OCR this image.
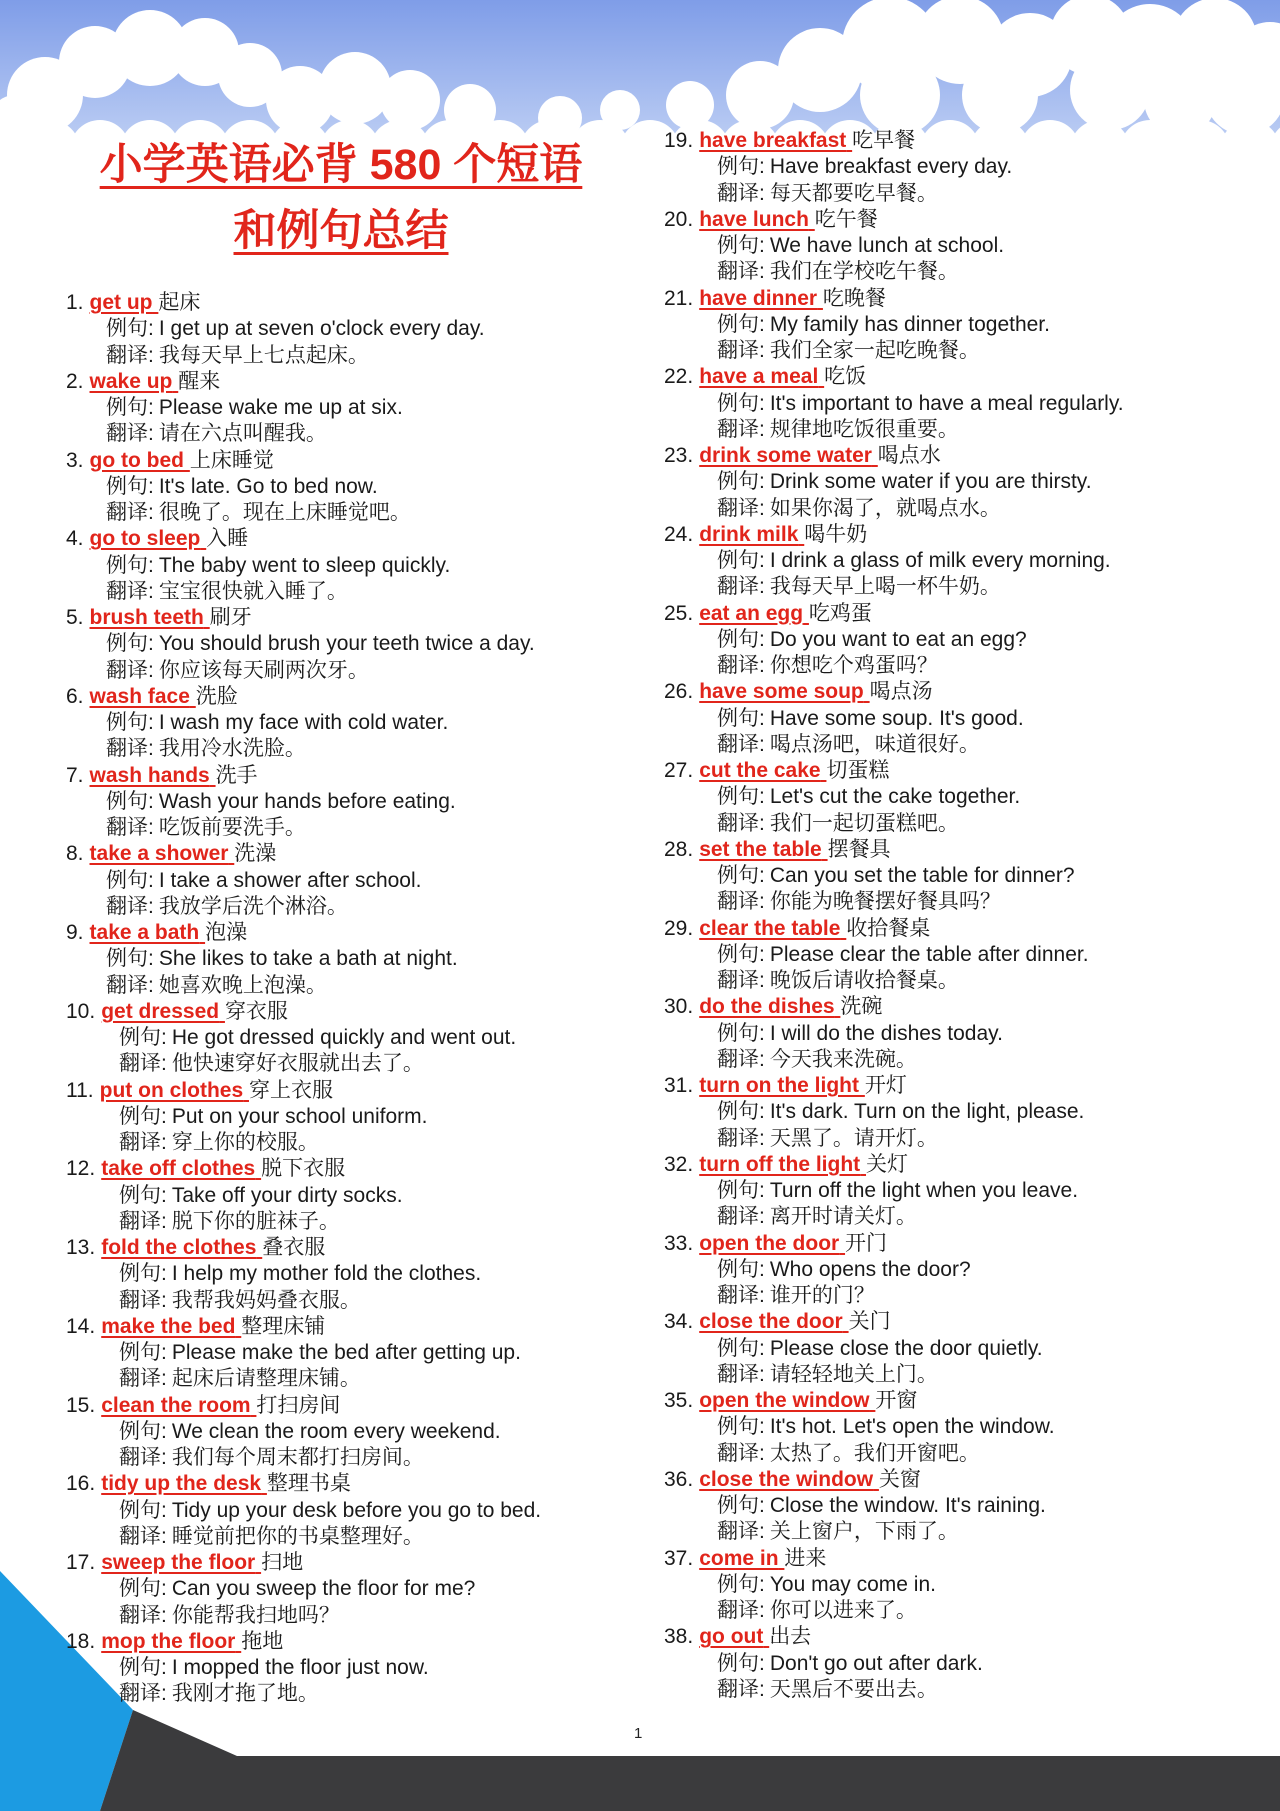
小学英语必背 580 个短语
和例句总结
1. get up 起床
例句: I get up at seven o'clock every day.
翻译: 我每天早上七点起床。
2. wake up 醒来
例句: Please wake me up at six.
翻译: 请在六点叫醒我。
3. go to bed 上床睡觉
例句: It's late. Go to bed now.
翻译: 很晚了。现在上床睡觉吧。
4. go to sleep 入睡
例句: The baby went to sleep quickly.
翻译: 宝宝很快就入睡了。
5. brush teeth 刷牙
例句: You should brush your teeth twice a day.
翻译: 你应该每天刷两次牙。
6. wash face 洗脸
例句: I wash my face with cold water.
翻译: 我用冷水洗脸。
7. wash hands 洗手
例句: Wash your hands before eating.
翻译: 吃饭前要洗手。
8. take a shower 洗澡
例句: I take a shower after school.
翻译: 我放学后洗个淋浴。
9. take a bath 泡澡
例句: She likes to take a bath at night.
翻译: 她喜欢晚上泡澡。
10. get dressed 穿衣服
例句: He got dressed quickly and went out.
翻译: 他快速穿好衣服就出去了。
11. put on clothes 穿上衣服
例句: Put on your school uniform.
翻译: 穿上你的校服。
12. take off clothes 脱下衣服
例句: Take off your dirty socks.
翻译: 脱下你的脏袜子。
13. fold the clothes 叠衣服
例句: I help my mother fold the clothes.
翻译: 我帮我妈妈叠衣服。
14. make the bed 整理床铺
例句: Please make the bed after getting up.
翻译: 起床后请整理床铺。
15. clean the room 打扫房间
例句: We clean the room every weekend.
翻译: 我们每个周末都打扫房间。
16. tidy up the desk 整理书桌
例句: Tidy up your desk before you go to bed.
翻译: 睡觉前把你的书桌整理好。
17. sweep the floor 扫地
例句: Can you sweep the floor for me?
翻译: 你能帮我扫地吗？
18. mop the floor 拖地
例句: I mopped the floor just now.
翻译: 我刚才拖了地。
19. have breakfast 吃早餐
例句: Have breakfast every day.
翻译: 每天都要吃早餐。
20. have lunch 吃午餐
例句: We have lunch at school.
翻译: 我们在学校吃午餐。
21. have dinner 吃晚餐
例句: My family has dinner together.
翻译: 我们全家一起吃晚餐。
22. have a meal 吃饭
例句: It's important to have a meal regularly.
翻译: 规律地吃饭很重要。
23. drink some water 喝点水
例句: Drink some water if you are thirsty.
翻译: 如果你渴了，就喝点水。
24. drink milk 喝牛奶
例句: I drink a glass of milk every morning.
翻译: 我每天早上喝一杯牛奶。
25. eat an egg 吃鸡蛋
例句: Do you want to eat an egg?
翻译: 你想吃个鸡蛋吗？
26. have some soup 喝点汤
例句: Have some soup. It's good.
翻译: 喝点汤吧，味道很好。
27. cut the cake 切蛋糕
例句: Let's cut the cake together.
翻译: 我们一起切蛋糕吧。
28. set the table 摆餐具
例句: Can you set the table for dinner?
翻译: 你能为晚餐摆好餐具吗？
29. clear the table 收拾餐桌
例句: Please clear the table after dinner.
翻译: 晚饭后请收拾餐桌。
30. do the dishes 洗碗
例句: I will do the dishes today.
翻译: 今天我来洗碗。
31. turn on the light 开灯
例句: It's dark. Turn on the light, please.
翻译: 天黑了。请开灯。
32. turn off the light 关灯
例句: Turn off the light when you leave.
翻译: 离开时请关灯。
33. open the door 开门
例句: Who opens the door?
翻译: 谁开的门？
34. close the door 关门
例句: Please close the door quietly.
翻译: 请轻轻地关上门。
35. open the window 开窗
例句: It's hot. Let's open the window.
翻译: 太热了。我们开窗吧。
36. close the window 关窗
例句: Close the window. It's raining.
翻译: 关上窗户，下雨了。
37. come in 进来
例句: You may come in.
翻译: 你可以进来了。
38. go out 出去
例句: Don't go out after dark.
翻译: 天黑后不要出去。
1
